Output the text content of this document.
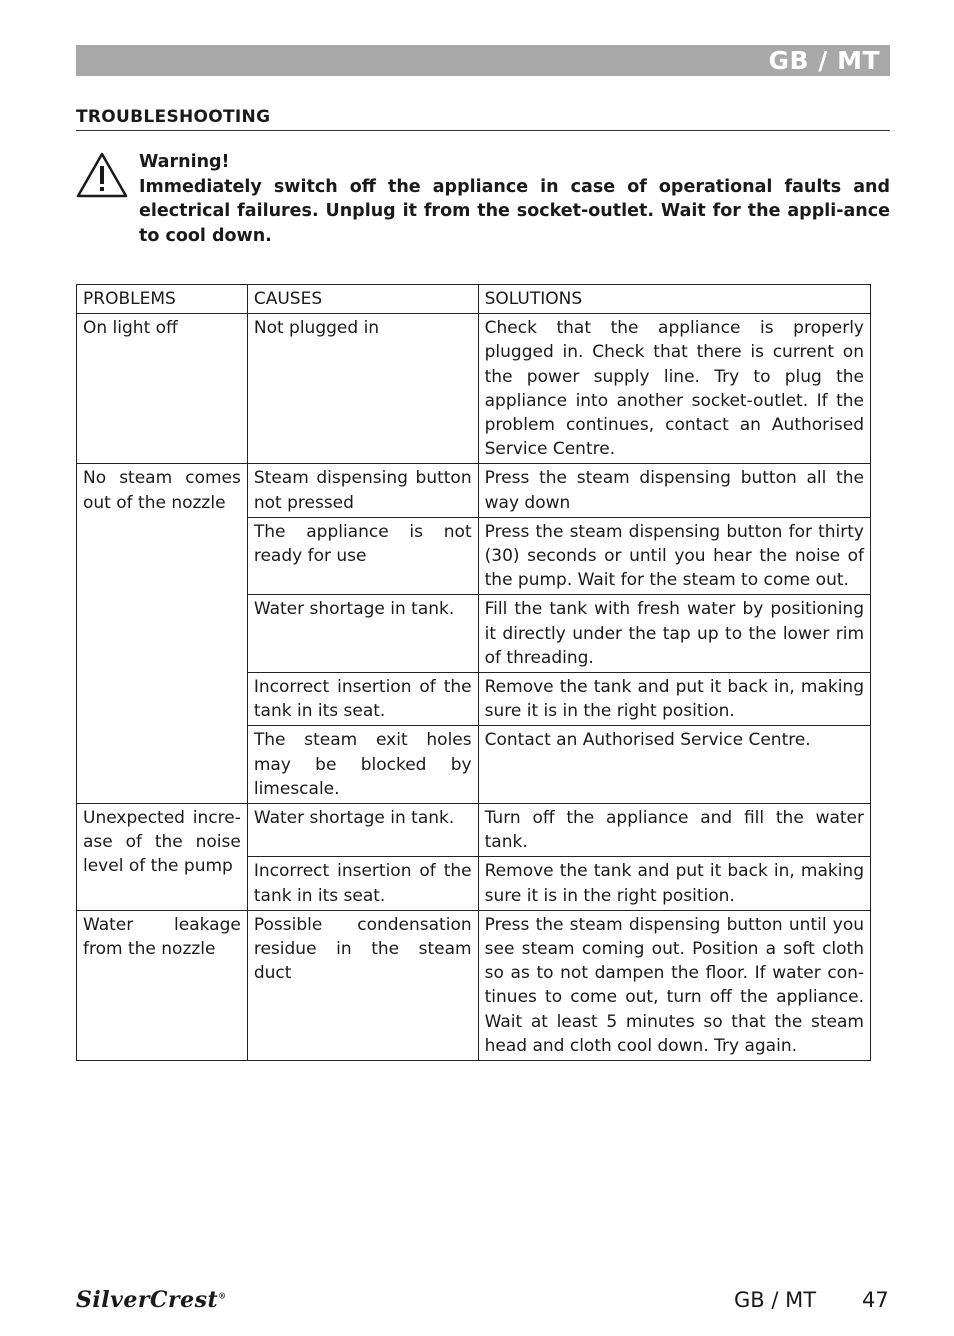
GB / MT
TROUBLESHOOTING
Warning!
Immediately switch off the appliance in case of operational faults and electrical failures. Unplug it from the socket-outlet. Wait for the appli-ance to cool down.
PROBLEMS	CAUSES	SOLUTIONS
On light off	Not plugged in	Check that the appliance is properly plugged in. Check that there is current on the power supply line. Try to plug the appliance into another socket-outlet. If the problem continues, contact an Authorised Service Centre.
No steam comes out of the nozzle	Steam dispensing button not pressed	Press the steam dispensing button all the way down
	The appliance is not ready for use	Press the steam dispensing button for thirty (30) seconds or until you hear the noise of the pump. Wait for the steam to come out.
	Water shortage in tank.	Fill the tank with fresh water by positioning it directly under the tap up to the lower rim of threading.
	Incorrect insertion of the tank in its seat.	Remove the tank and put it back in, making sure it is in the right position.
	The steam exit holes may be blocked by limescale.	Contact an Authorised Service Centre.
Unexpected incre-ase of the noise level of the pump	Water shortage in tank.	Turn off the appliance and fill the water tank.
	Incorrect insertion of the tank in its seat.	Remove the tank and put it back in, making sure it is in the right position.
Water leakage from the nozzle	Possible condensation residue in the steam duct	Press the steam dispensing button until you see steam coming out. Position a soft cloth so as to not dampen the floor. If water con-tinues to come out, turn off the appliance. Wait at least 5 minutes so that the steam head and cloth cool down. Try again.
SilverCrest®	GB / MT 47
